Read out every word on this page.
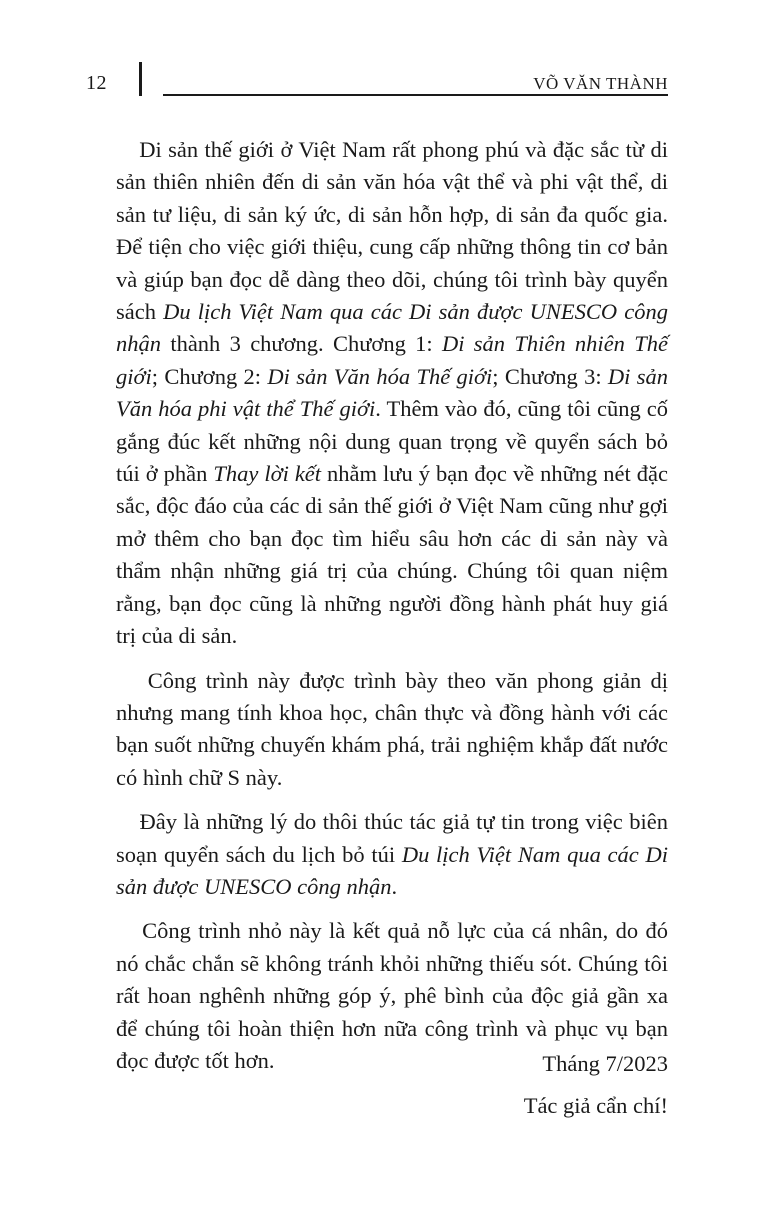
12	VÕ VĂN THÀNH

Di sản thế giới ở Việt Nam rất phong phú và đặc sắc từ di sản thiên nhiên đến di sản văn hóa vật thể và phi vật thể, di sản tư liệu, di sản ký ức, di sản hỗn hợp, di sản đa quốc gia. Để tiện cho việc giới thiệu, cung cấp những thông tin cơ bản và giúp bạn đọc dễ dàng theo dõi, chúng tôi trình bày quyển sách Du lịch Việt Nam qua các Di sản được UNESCO công nhận thành 3 chương. Chương 1: Di sản Thiên nhiên Thế giới; Chương 2: Di sản Văn hóa Thế giới; Chương 3: Di sản Văn hóa phi vật thể Thế giới. Thêm vào đó, cũng tôi cũng cố gắng đúc kết những nội dung quan trọng về quyển sách bỏ túi ở phần Thay lời kết nhằm lưu ý bạn đọc về những nét đặc sắc, độc đáo của các di sản thế giới ở Việt Nam cũng như gợi mở thêm cho bạn đọc tìm hiểu sâu hơn các di sản này và thẩm nhận những giá trị của chúng. Chúng tôi quan niệm rằng, bạn đọc cũng là những người đồng hành phát huy giá trị của di sản.

Công trình này được trình bày theo văn phong giản dị nhưng mang tính khoa học, chân thực và đồng hành với các bạn suốt những chuyến khám phá, trải nghiệm khắp đất nước có hình chữ S này.

Đây là những lý do thôi thúc tác giả tự tin trong việc biên soạn quyển sách du lịch bỏ túi Du lịch Việt Nam qua các Di sản được UNESCO công nhận.

Công trình nhỏ này là kết quả nỗ lực của cá nhân, do đó nó chắc chắn sẽ không tránh khỏi những thiếu sót. Chúng tôi rất hoan nghênh những góp ý, phê bình của độc giả gần xa để chúng tôi hoàn thiện hơn nữa công trình và phục vụ bạn đọc được tốt hơn.	Tháng 7/2023
Tác giả cẩn chí!
